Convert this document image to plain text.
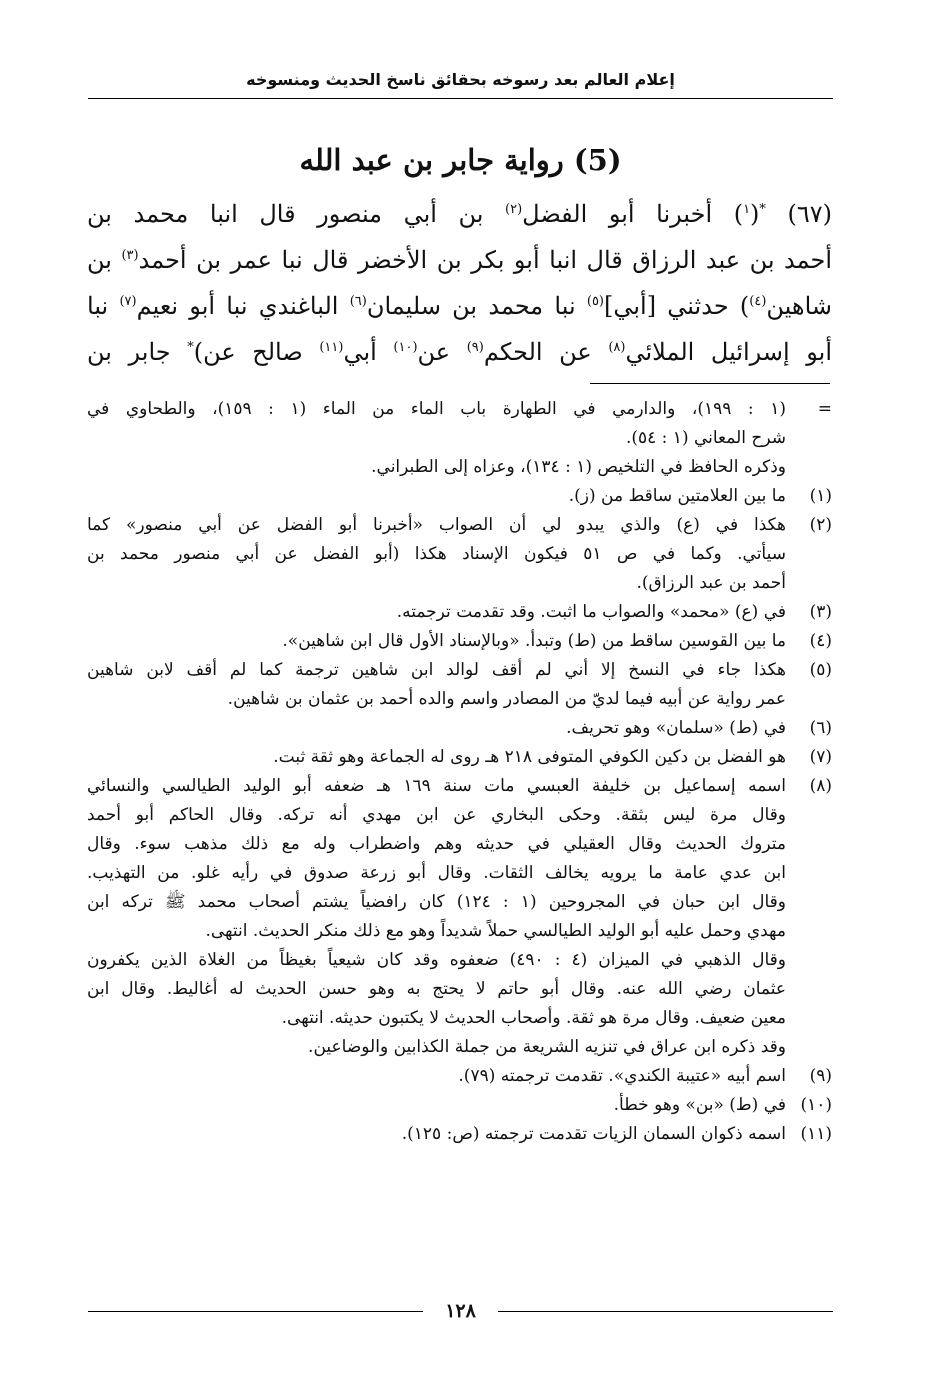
إعلام العالم بعد رسوخه بحقائق ناسخ الحديث ومنسوخه
(5) رواية جابر بن عبد الله
(٦٧) *($^١$) أخبرنا أبو الفضل$^{(٢)}$ بن أبي منصور قال انبا محمد بن
أحمد بن عبد الرزاق قال انبا أبو بكر بن الأخضر قال نبا عمر بن أحمد$^{(٣)}$ بن
شاهين$^{(٤)}$) حدثني [أبي]$^{(٥)}$ نبا محمد بن سليمان$^{(٦)}$ الباغندي نبا أبو نعيم$^{(٧)}$ نبا
أبو إسرائيل الملائي$^{(٨)}$ عن الحكم$^{(٩)}$ عن$^{(١٠)}$ أبي$^{(١١)}$ صالح عن)* جابر بن
=
(١ : ١٩٩)، والدارمي في الطهارة باب الماء من الماء (١ : ١٥٩)، والطحاوي في
شرح المعاني (١ : ٥٤).
وذكره الحافظ في التلخيص (١ : ١٣٤)، وعزاه إلى الطبراني.
(١)
ما بين العلامتين ساقط من (ز).
(٢)
هكذا في (ع) والذي يبدو لي أن الصواب «أخبرنا أبو الفضل عن أبي منصور» كما
سيأتي. وكما في ص ٥١ فيكون الإسناد هكذا (أبو الفضل عن أبي منصور محمد بن
أحمد بن عبد الرزاق).
(٣)
في (ع) «محمد» والصواب ما اثبت. وقد تقدمت ترجمته.
(٤)
ما بين القوسين ساقط من (ط) وتبدأ. «وبالإسناد الأول قال ابن شاهين».
(٥)
هكذا جاء في النسخ إلا أني لم أقف لوالد ابن شاهين ترجمة كما لم أقف لابن شاهين
عمر رواية عن أبيه فيما لديّ من المصادر واسم والده أحمد بن عثمان بن شاهين.
(٦)
في (ط) «سلمان» وهو تحريف.
(٧)
هو الفضل بن دكين الكوفي المتوفى ٢١٨ هـ روى له الجماعة وهو ثقة ثبت.
(٨)
اسمه إسماعيل بن خليفة العبسي مات سنة ١٦٩ هـ ضعفه أبو الوليد الطيالسي والنسائي
وقال مرة ليس بثقة. وحكى البخاري عن ابن مهدي أنه تركه. وقال الحاكم أبو أحمد
متروك الحديث وقال العقيلي في حديثه وهم واضطراب وله مع ذلك مذهب سوء. وقال
ابن عدي عامة ما يرويه يخالف الثقات. وقال أبو زرعة صدوق في رأيه غلو. من التهذيب.
وقال ابن حبان في المجروحين (١ : ١٢٤) كان رافضياً يشتم أصحاب محمد ﷺ تركه ابن
مهدي وحمل عليه أبو الوليد الطيالسي حملاً شديداً وهو مع ذلك منكر الحديث. انتهى.
وقال الذهبي في الميزان (٤ : ٤٩٠) ضعفوه وقد كان شيعياً بغيظاً من الغلاة الذين يكفرون
عثمان رضي الله عنه. وقال أبو حاتم لا يحتج به وهو حسن الحديث له أغاليط. وقال ابن
معين ضعيف. وقال مرة هو ثقة. وأصحاب الحديث لا يكتبون حديثه. انتهى.
وقد ذكره ابن عراق في تنزيه الشريعة من جملة الكذابين والوضاعين.
(٩)
اسم أبيه «عتيبة الكندي». تقدمت ترجمته (٧٩).
(١٠)
في (ط) «بن» وهو خطأ.
(١١)
اسمه ذكوان السمان الزيات تقدمت ترجمته (ص: ١٢٥).
١٢٨
